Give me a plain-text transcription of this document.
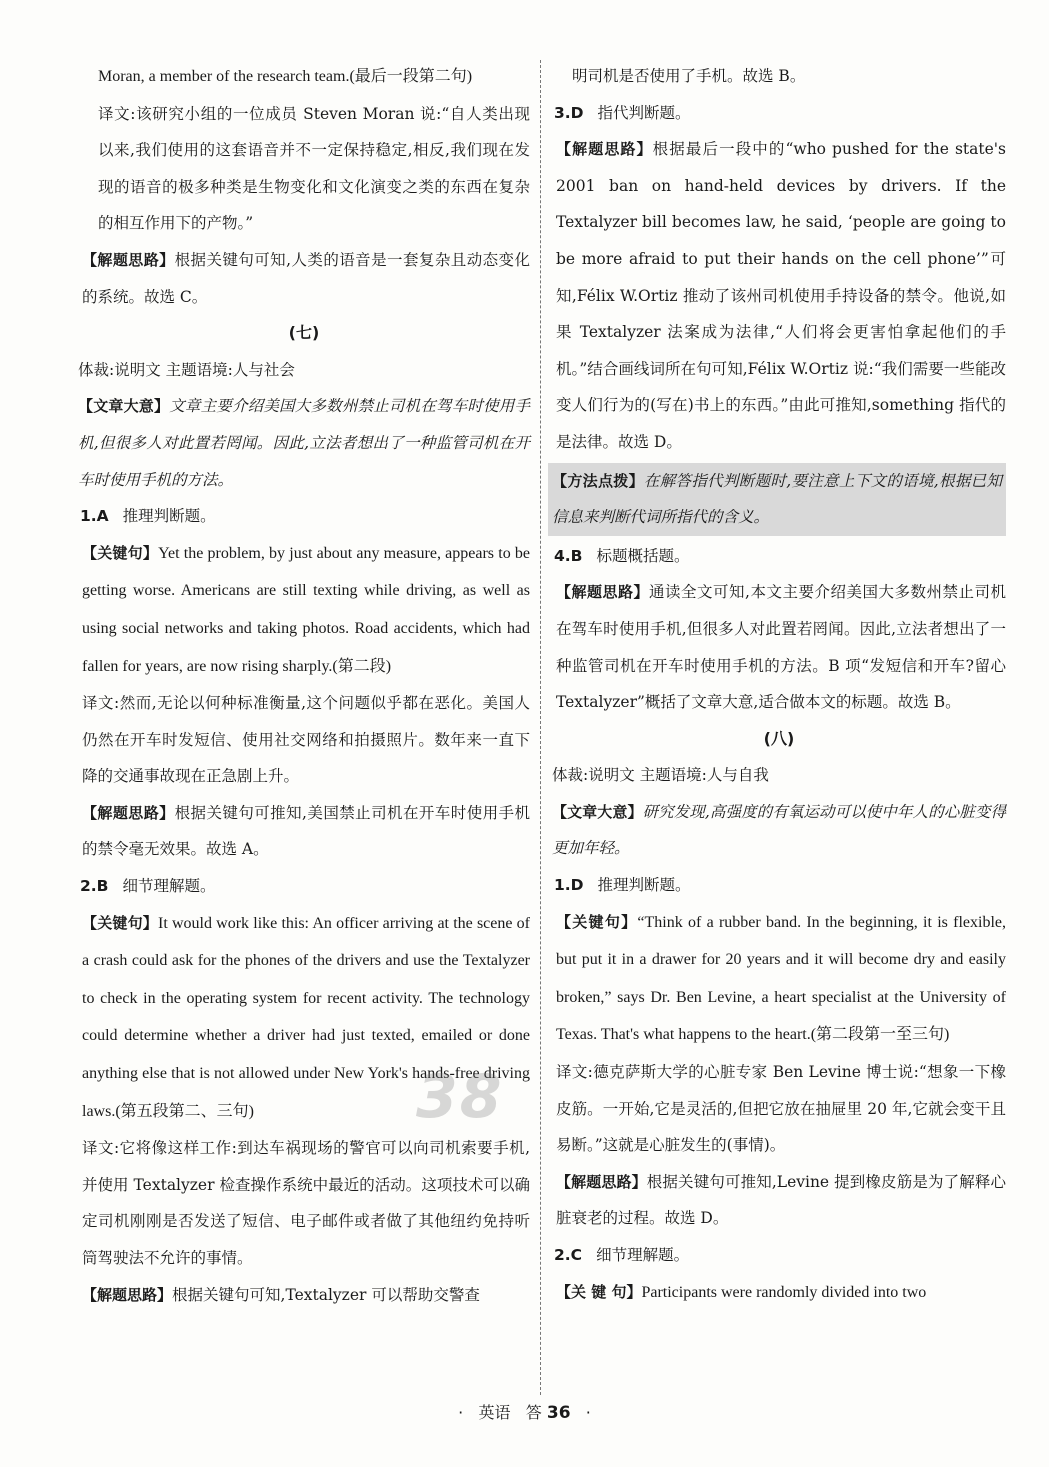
Moran, a member of the research team.(最后一段第二句)

译文:该研究小组的一位成员 Steven Moran 说:“自人类出现以来,我们使用的这套语音并不一定保持稳定,相反,我们现在发现的语音的极多种类是生物变化和文化演变之类的东西在复杂的相互作用下的产物。”

【解题思路】根据关键句可知,人类的语音是一套复杂且动态变化的系统。故选 C。

(七)

体裁:说明文 主题语境:人与社会

【文章大意】文章主要介绍美国大多数州禁止司机在驾车时使用手机,但很多人对此置若罔闻。因此,立法者想出了一种监管司机在开车时使用手机的方法。

1.A 推理判断题。

【关键句】Yet the problem, by just about any measure, appears to be getting worse. Americans are still texting while driving, as well as using social networks and taking photos. Road accidents, which had fallen for years, are now rising sharply.(第二段)

译文:然而,无论以何种标准衡量,这个问题似乎都在恶化。美国人仍然在开车时发短信、使用社交网络和拍摄照片。数年来一直下降的交通事故现在正急剧上升。

【解题思路】根据关键句可推知,美国禁止司机在开车时使用手机的禁令毫无效果。故选 A。

2.B 细节理解题。

【关键句】It would work like this: An officer arriving at the scene of a crash could ask for the phones of the drivers and use the Textalyzer to check in the operating system for recent activity. The technology could determine whether a driver had just texted, emailed or done anything else that is not allowed under New York's hands-free driving laws.(第五段第二、三句)

译文:它将像这样工作:到达车祸现场的警官可以向司机索要手机,并使用 Textalyzer 检查操作系统中最近的活动。这项技术可以确定司机刚刚是否发送了短信、电子邮件或者做了其他纽约免持听筒驾驶法不允许的事情。

【解题思路】根据关键句可知,Textalyzer 可以帮助交警查

明司机是否使用了手机。故选 B。

3.D 指代判断题。

【解题思路】根据最后一段中的“who pushed for the state's 2001 ban on hand-held devices by drivers. If the Textalyzer bill becomes law, he said, ‘people are going to be more afraid to put their hands on the cell phone’”可知,Félix W.Ortiz 推动了该州司机使用手持设备的禁令。他说,如果 Textalyzer 法案成为法律,“人们将会更害怕拿起他们的手机。”结合画线词所在句可知,Félix W.Ortiz 说:“我们需要一些能改变人们行为的(写在)书上的东西。”由此可推知,something 指代的是法律。故选 D。

【方法点拨】在解答指代判断题时,要注意上下文的语境,根据已知信息来判断代词所指代的含义。

4.B 标题概括题。

【解题思路】通读全文可知,本文主要介绍美国大多数州禁止司机在驾车时使用手机,但很多人对此置若罔闻。因此,立法者想出了一种监管司机在开车时使用手机的方法。B 项“发短信和开车?留心 Textalyzer”概括了文章大意,适合做本文的标题。故选 B。

(八)

体裁:说明文 主题语境:人与自我

【文章大意】研究发现,高强度的有氧运动可以使中年人的心脏变得更加年轻。

1.D 推理判断题。

【关键句】“Think of a rubber band. In the beginning, it is flexible, but put it in a drawer for 20 years and it will become dry and easily broken,” says Dr. Ben Levine, a heart specialist at the University of Texas. That's what happens to the heart.(第二段第一至三句)

译文:德克萨斯大学的心脏专家 Ben Levine 博士说:“想象一下橡皮筋。一开始,它是灵活的,但把它放在抽屉里 20 年,它就会变干且易断。”这就是心脏发生的(事情)。

【解题思路】根据关键句可推知,Levine 提到橡皮筋是为了解释心脏衰老的过程。故选 D。

2.C 细节理解题。

【关 键 句】Participants were randomly divided into two

38
· 英语 答 36 ·
